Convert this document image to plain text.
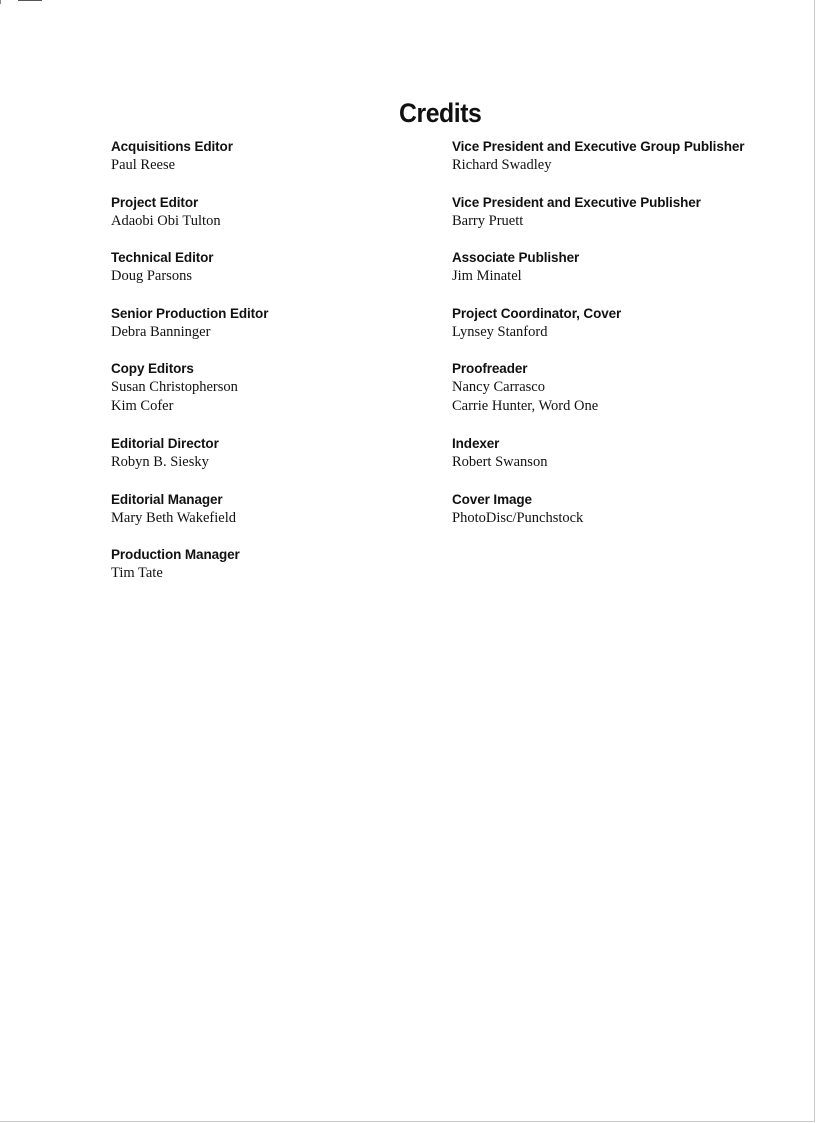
Credits
Acquisitions Editor
Paul Reese
Project Editor
Adaobi Obi Tulton
Technical Editor
Doug Parsons
Senior Production Editor
Debra Banninger
Copy Editors
Susan Christopherson
Kim Cofer
Editorial Director
Robyn B. Siesky
Editorial Manager
Mary Beth Wakefield
Production Manager
Tim Tate
Vice President and Executive Group Publisher
Richard Swadley
Vice President and Executive Publisher
Barry Pruett
Associate Publisher
Jim Minatel
Project Coordinator, Cover
Lynsey Stanford
Proofreader
Nancy Carrasco
Carrie Hunter, Word One
Indexer
Robert Swanson
Cover Image
PhotoDisc/Punchstock
